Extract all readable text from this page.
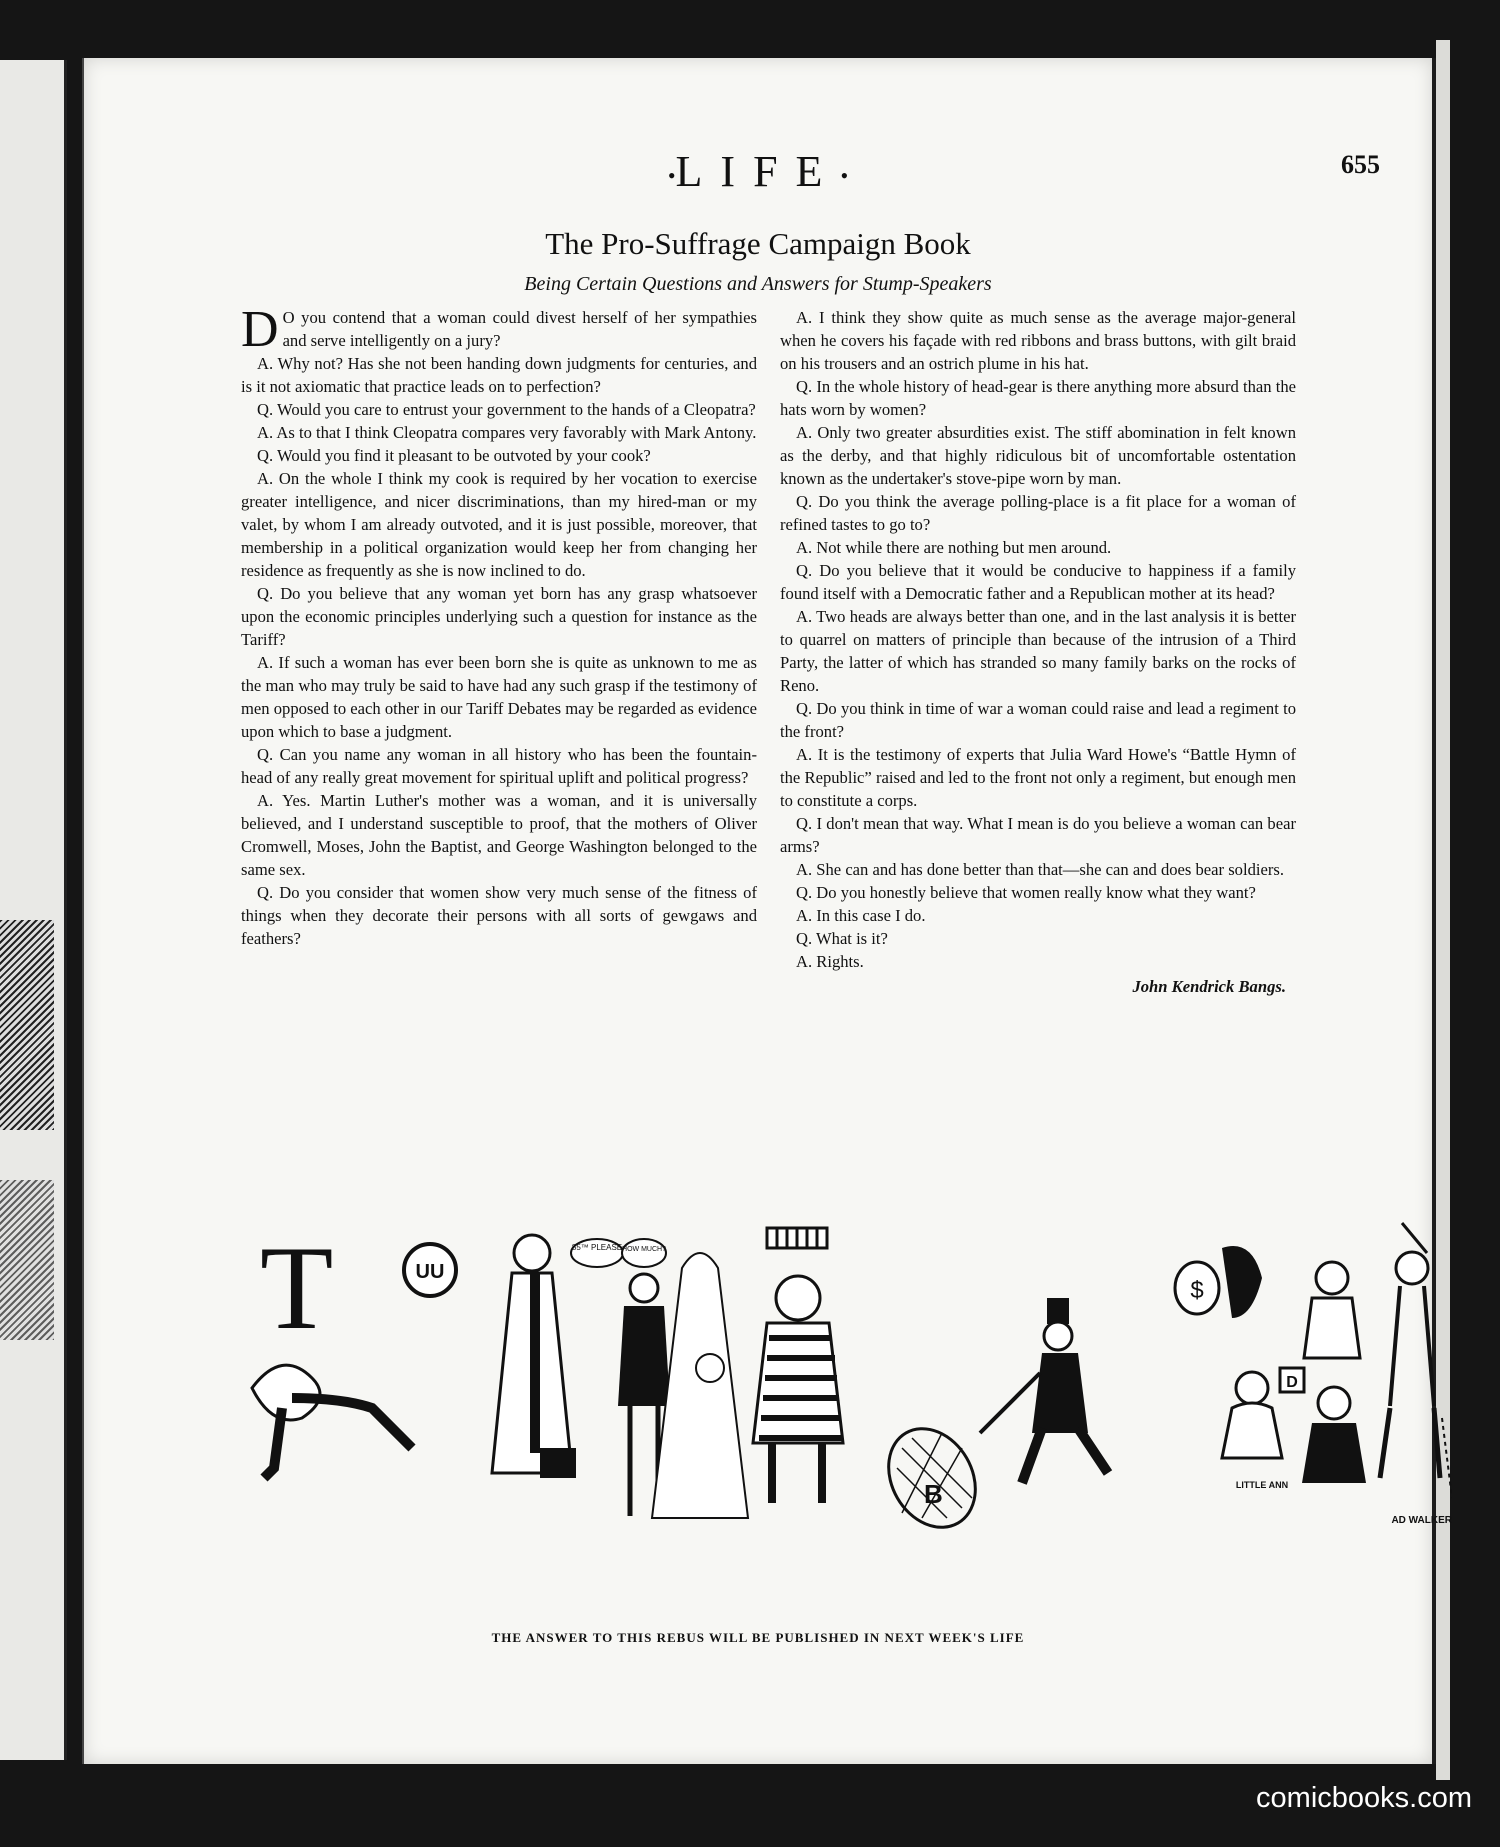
•LIFE•	655
The Pro-Suffrage Campaign Book
Being Certain Questions and Answers for Stump-Speakers

D O you contend that a woman could divest herself of her sympathies and serve intelligently on a jury?

A. Why not? Has she not been handing down judgments for centuries, and is it not axiomatic that practice leads on to perfection?

Q. Would you care to entrust your government to the hands of a Cleopatra?

A. As to that I think Cleopatra compares very favorably with Mark Antony.

Q. Would you find it pleasant to be outvoted by your cook?

A. On the whole I think my cook is required by her vocation to exercise greater intelligence, and nicer discriminations, than my hired-man or my valet, by whom I am already outvoted, and it is just possible, moreover, that membership in a political organization would keep her from changing her residence as frequently as she is now inclined to do.

Q. Do you believe that any woman yet born has any grasp whatsoever upon the economic principles underlying such a question for instance as the Tariff?

A. If such a woman has ever been born she is quite as unknown to me as the man who may truly be said to have had any such grasp if the testimony of men opposed to each other in our Tariff Debates may be regarded as evidence upon which to base a judgment.

Q. Can you name any woman in all history who has been the fountain-head of any really great movement for spiritual uplift and political progress?

A. Yes. Martin Luther's mother was a woman, and it is universally believed, and I understand susceptible to proof, that the mothers of Oliver Cromwell, Moses, John the Baptist, and George Washington belonged to the same sex.

Q. Do you consider that women show very much sense of the fitness of things when they decorate their persons with all sorts of gewgaws and feathers?

A. I think they show quite as much sense as the average major-general when he covers his façade with red ribbons and brass buttons, with gilt braid on his trousers and an ostrich plume in his hat.

Q. In the whole history of head-gear is there anything more absurd than the hats worn by women?

A. Only two greater absurdities exist. The stiff abomination in felt known as the derby, and that highly ridiculous bit of uncomfortable ostentation known as the undertaker's stove-pipe worn by man.

Q. Do you think the average polling-place is a fit place for a woman of refined tastes to go to?

A. Not while there are nothing but men around.

Q. Do you believe that it would be conducive to happiness if a family found itself with a Democratic father and a Republican mother at its head?

A. Two heads are always better than one, and in the last analysis it is better to quarrel on matters of principle than because of the intrusion of a Third Party, the latter of which has stranded so many family barks on the rocks of Reno.

Q. Do you think in time of war a woman could raise and lead a regiment to the front?

A. It is the testimony of experts that Julia Ward Howe's “Battle Hymn of the Republic” raised and led to the front not only a regiment, but enough men to constitute a corps.

Q. I don't mean that way. What I mean is do you believe a woman can bear arms?

A. She can and has done better than that—she can and does bear soldiers.

Q. Do you honestly believe that women really know what they want?

A. In this case I do.

Q. What is it?

A. Rights.

John Kendrick Bangs.

T	UU
85™ PLEASE HOW MUCH?
B
$
D
LITTLE ANN
AD WALKER
THE ANSWER TO THIS REBUS WILL BE PUBLISHED IN NEXT WEEK'S LIFE
comicbooks.com
